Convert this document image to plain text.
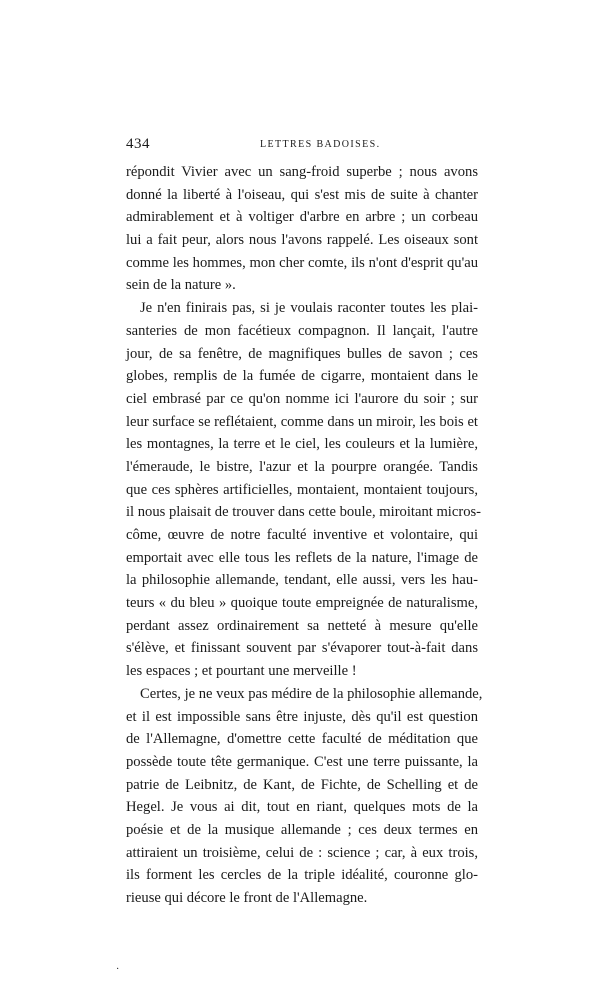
434	LETTRES BADOISES.
répondit Vivier avec un sang-froid superbe ; nous avons
donné la liberté à l'oiseau, qui s'est mis de suite à chanter
admirablement et à voltiger d'arbre en arbre ; un corbeau
lui a fait peur, alors nous l'avons rappelé. Les oiseaux sont
comme les hommes, mon cher comte, ils n'ont d'esprit qu'au
sein de la nature ».
Je n'en finirais pas, si je voulais raconter toutes les plai-
santeries de mon facétieux compagnon. Il lançait, l'autre
jour, de sa fenêtre, de magnifiques bulles de savon ; ces
globes, remplis de la fumée de cigarre, montaient dans le
ciel embrasé par ce qu'on nomme ici l'aurore du soir ; sur
leur surface se reflétaient, comme dans un miroir, les bois et
les montagnes, la terre et le ciel, les couleurs et la lumière,
l'émeraude, le bistre, l'azur et la pourpre orangée. Tandis
que ces sphères artificielles, montaient, montaient toujours,
il nous plaisait de trouver dans cette boule, miroitant micros-
côme, œuvre de notre faculté inventive et volontaire, qui
emportait avec elle tous les reflets de la nature, l'image de
la philosophie allemande, tendant, elle aussi, vers les hau-
teurs « du bleu » quoique toute empreignée de naturalisme,
perdant assez ordinairement sa netteté à mesure qu'elle
s'élève, et finissant souvent par s'évaporer tout-à-fait dans
les espaces ; et pourtant une merveille !
Certes, je ne veux pas médire de la philosophie allemande,
et il est impossible sans être injuste, dès qu'il est question
de l'Allemagne, d'omettre cette faculté de méditation que
possède toute tête germanique. C'est une terre puissante, la
patrie de Leibnitz, de Kant, de Fichte, de Schelling et de
Hegel. Je vous ai dit, tout en riant, quelques mots de la
poésie et de la musique allemande ; ces deux termes en
attiraient un troisième, celui de : science ; car, à eux trois,
ils forment les cercles de la triple idéalité, couronne glo-
rieuse qui décore le front de l'Allemagne.
·
